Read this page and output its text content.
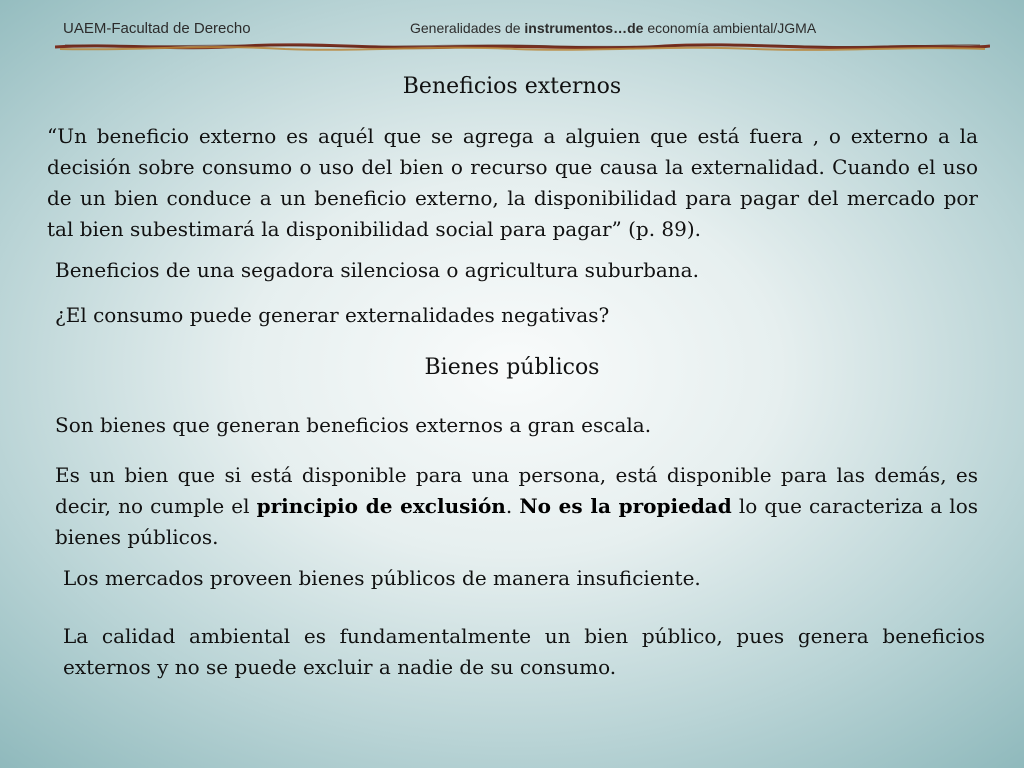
UAEM-Facultad de Derecho	Generalidades de instrumentos…de economía ambiental/JGMA
Beneficios externos

“Un beneficio externo es aquél que se agrega a alguien que está fuera , o externo a la decisión sobre consumo o uso del bien o recurso que causa la externalidad. Cuando el uso de un bien conduce a un beneficio externo, la disponibilidad para pagar del mercado por tal bien subestimará la disponibilidad social para pagar” (p. 89).

Beneficios de una segadora silenciosa o agricultura suburbana.

¿El consumo puede generar externalidades negativas?

Bienes públicos

Son bienes que generan beneficios externos a gran escala.

Es un bien que si está disponible para una persona, está disponible para las demás, es decir, no cumple el principio de exclusión. No es la propiedad lo que caracteriza a los bienes públicos.

Los mercados proveen bienes públicos de manera insuficiente.

La calidad ambiental es fundamentalmente un bien público, pues genera beneficios externos y no se puede excluir a nadie de su consumo.
